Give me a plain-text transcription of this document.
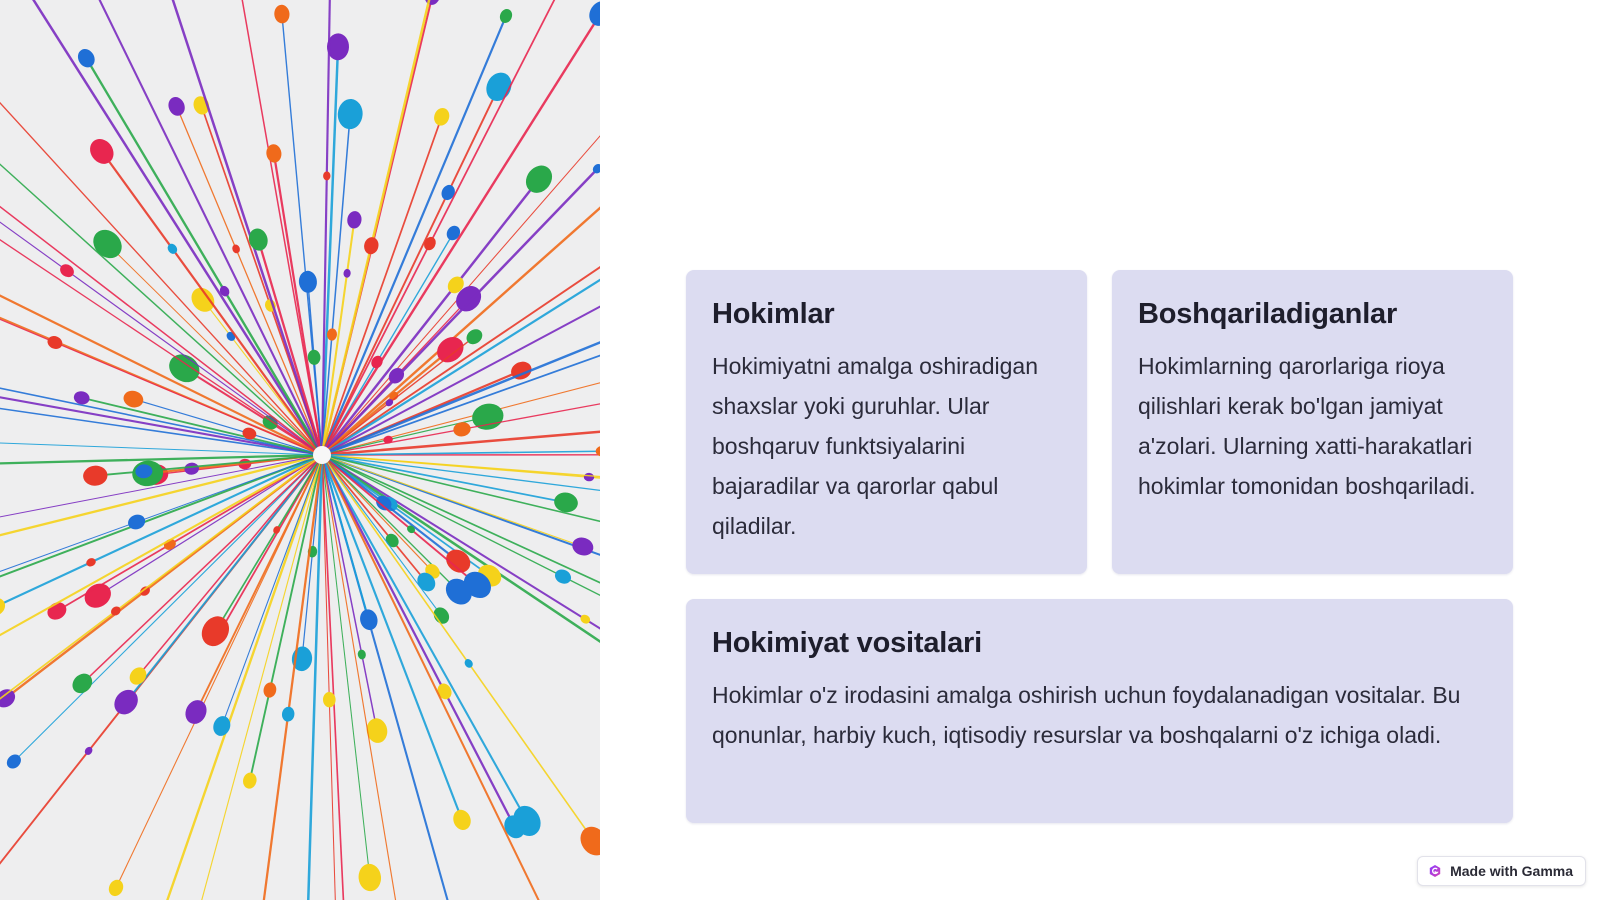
Hokimlar

Hokimiyatni amalga oshiradigan shaxslar yoki guruhlar. Ular boshqaruv funktsiyalarini bajaradilar va qarorlar qabul qiladilar.

Boshqariladiganlar

Hokimlarning qarorlariga rioya qilishlari kerak bo'lgan jamiyat a'zolari. Ularning xatti-harakatlari hokimlar tomonidan boshqariladi.

Hokimiyat vositalari

Hokimlar o'z irodasini amalga oshirish uchun foydalanadigan vositalar. Bu qonunlar, harbiy kuch, iqtisodiy resurslar va boshqalarni o'z ichiga oladi.

Made with Gamma
